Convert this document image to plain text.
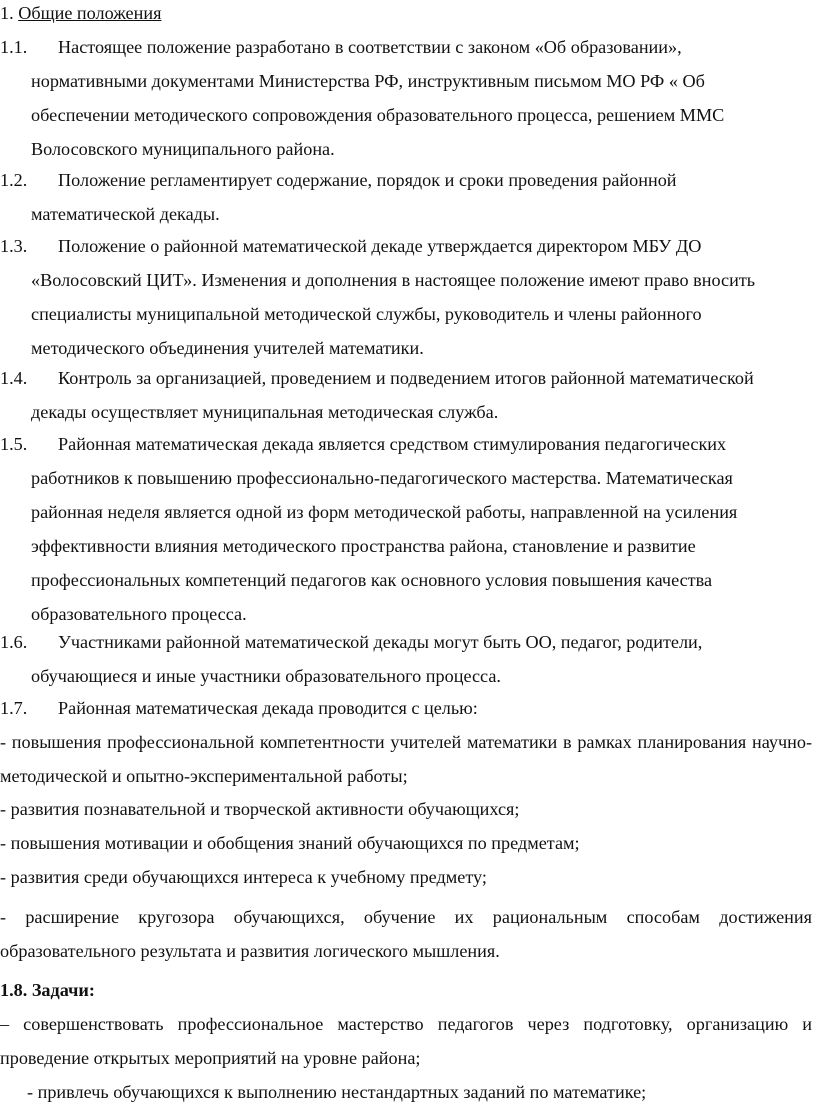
1. Общие положения
1.1.	Настоящее положение разработано в соответствии с законом «Об образовании», нормативными документами Министерства РФ, инструктивным письмом МО РФ « Об обеспечении методического сопровождения образовательного процесса, решением ММС Волосовского муниципального района.
1.2.	Положение регламентирует содержание, порядок и сроки проведения районной математической декады.
1.3.	Положение о районной математической декаде утверждается директором МБУ ДО «Волосовский ЦИТ». Изменения и дополнения в настоящее положение имеют право вносить специалисты муниципальной методической службы, руководитель и члены районного методического объединения учителей математики.
1.4.	Контроль за организацией, проведением и подведением итогов районной математической декады осуществляет муниципальная методическая служба.
1.5.	Районная математическая декада является средством стимулирования педагогических работников к повышению профессионально-педагогического мастерства. Математическая районная неделя является одной из форм методической работы, направленной на усиления эффективности влияния методического пространства района, становление и развитие профессиональных компетенций педагогов как основного условия повышения качества образовательного процесса.
1.6.	Участниками районной математической декады могут быть ОО, педагог, родители, обучающиеся и иные участники образовательного процесса.
1.7.	Районная математическая декада проводится с целью:
- повышения профессиональной компетентности учителей математики в рамках планирования научно-методической и опытно-экспериментальной работы;
- развития познавательной и творческой активности обучающихся;
- повышения мотивации и обобщения знаний обучающихся по предметам;
- развития среди обучающихся интереса к учебному предмету;
- расширение кругозора обучающихся, обучение их рациональным способам достижения образовательного результата и развития логического мышления.
1.8. Задачи:
– совершенствовать профессиональное мастерство педагогов через подготовку, организацию и проведение открытых мероприятий на уровне района;
- привлечь обучающихся к выполнению нестандартных заданий по математике;
